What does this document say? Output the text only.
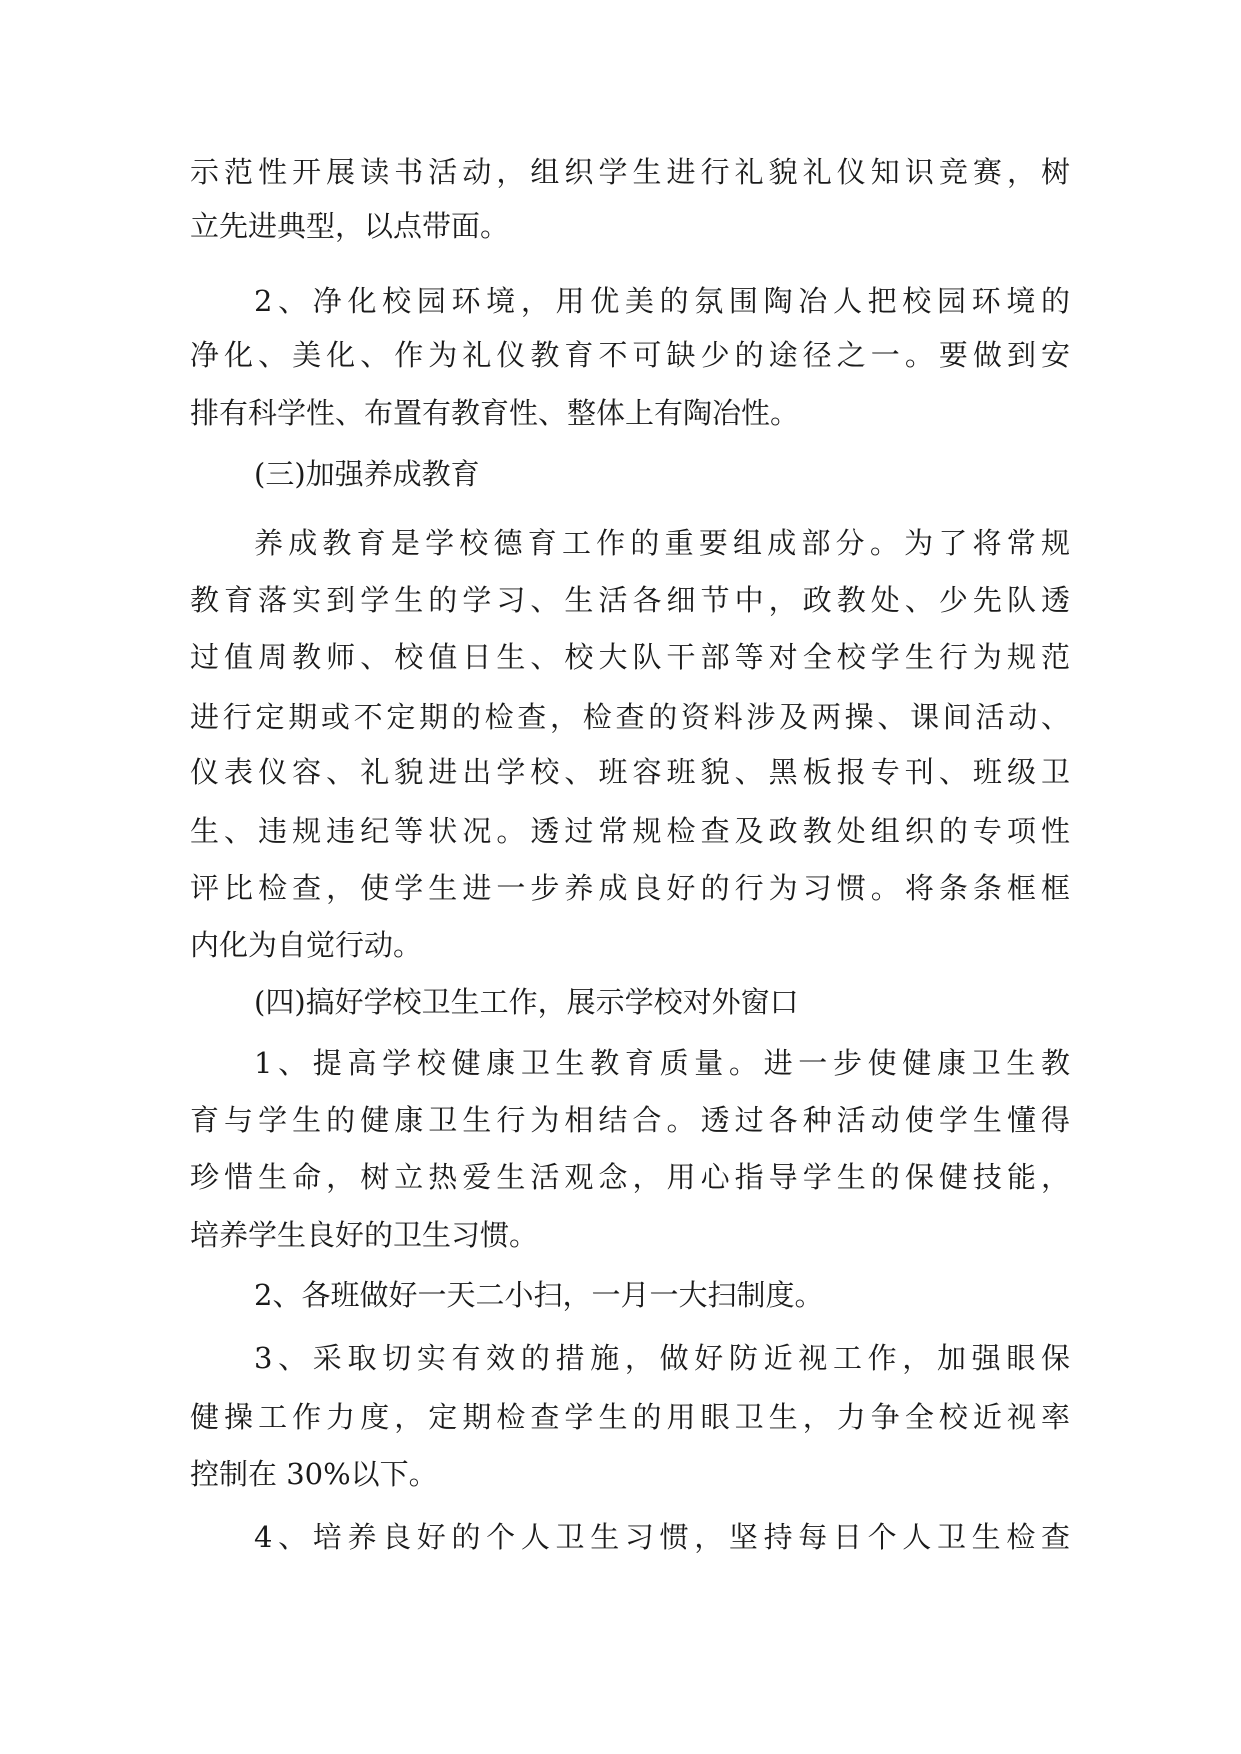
示范性开展读书活动，组织学生进行礼貌礼仪知识竞赛，树

立先进典型，以点带面。

2、净化校园环境，用优美的氛围陶冶人把校园环境的

净化、美化、作为礼仪教育不可缺少的途径之一。要做到安

排有科学性、布置有教育性、整体上有陶冶性。

(三)加强养成教育

养成教育是学校德育工作的重要组成部分。为了将常规

教育落实到学生的学习、生活各细节中，政教处、少先队透

过值周教师、校值日生、校大队干部等对全校学生行为规范

进行定期或不定期的检查，检查的资料涉及两操、课间活动、

仪表仪容、礼貌进出学校、班容班貌、黑板报专刊、班级卫

生、违规违纪等状况。透过常规检查及政教处组织的专项性

评比检查，使学生进一步养成良好的行为习惯。将条条框框

内化为自觉行动。

(四)搞好学校卫生工作，展示学校对外窗口

1、提高学校健康卫生教育质量。进一步使健康卫生教

育与学生的健康卫生行为相结合。透过各种活动使学生懂得

珍惜生命，树立热爱生活观念，用心指导学生的保健技能，

培养学生良好的卫生习惯。

2、各班做好一天二小扫，一月一大扫制度。

3、采取切实有效的措施，做好防近视工作，加强眼保

健操工作力度，定期检查学生的用眼卫生，力争全校近视率

控制在 30%以下。

4、培养良好的个人卫生习惯，坚持每日个人卫生检查
